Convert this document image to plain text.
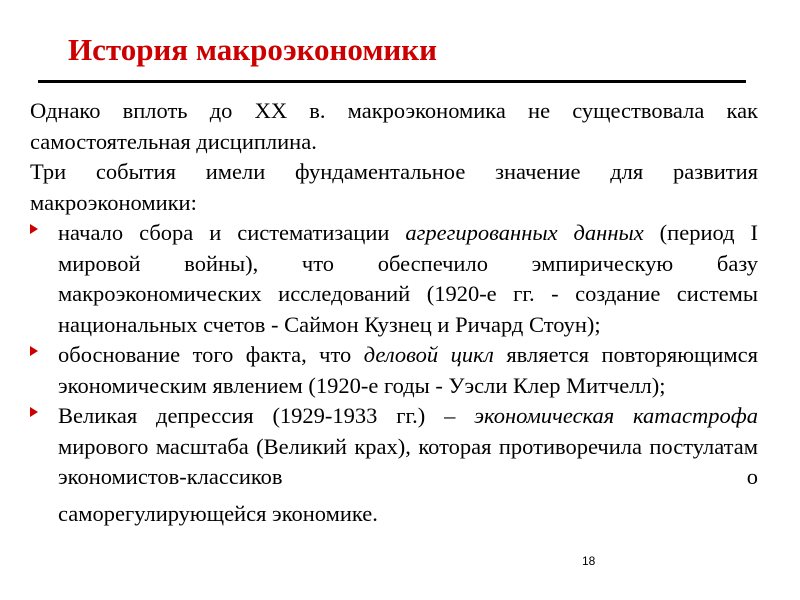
История макроэкономики

Однако вплоть до ХХ в. макроэкономика не существовала как самостоятельная дисциплина.

Три события имели фундаментальное значение для развития макроэкономики:

начало сбора и систематизации агрегированных данных (период I мировой войны), что обеспечило эмпирическую базу макроэкономических исследований (1920-е гг. - создание системы национальных счетов - Саймон Кузнец и Ричард Стоун);
обоснование того факта, что деловой цикл является повторяющимся экономическим явлением (1920-е годы - Уэсли Клер Митчелл);
Великая депрессия (1929-1933 гг.) – экономическая катастрофа мирового масштаба (Великий крах), которая противоречила постулатам экономистов-классиков о
саморегулирующейся экономике.
18
